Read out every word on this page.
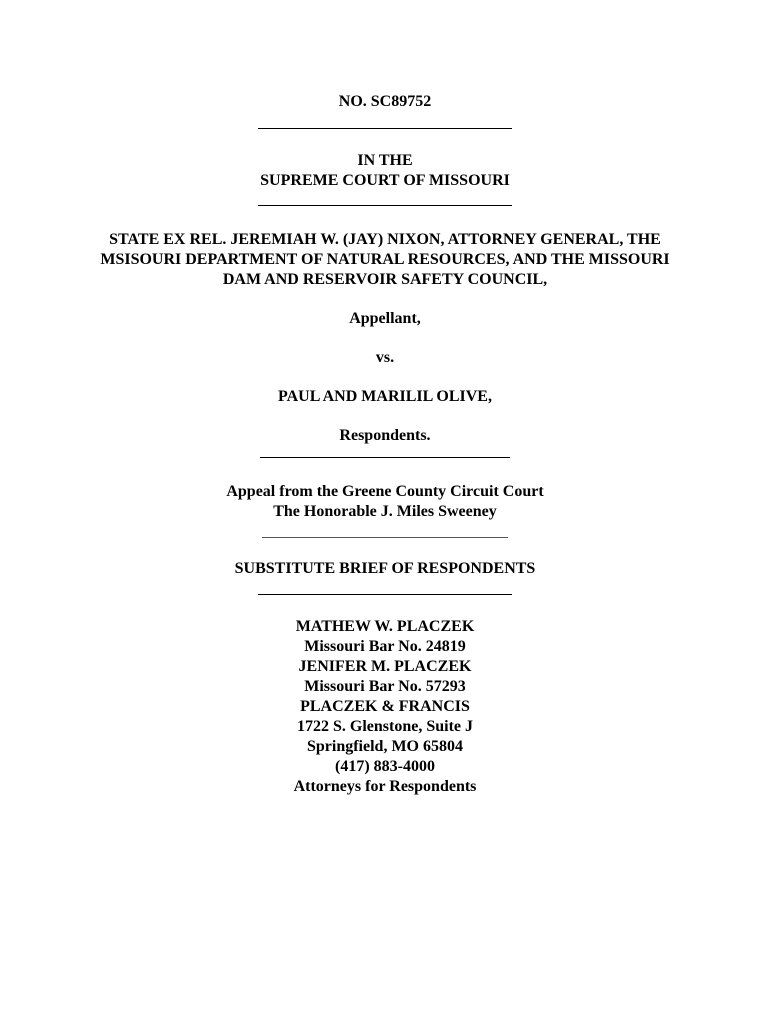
NO. SC89752
IN THE
SUPREME COURT OF MISSOURI
STATE EX REL. JEREMIAH W. (JAY) NIXON, ATTORNEY GENERAL, THE
MSISOURI DEPARTMENT OF NATURAL RESOURCES, AND THE MISSOURI
DAM AND RESERVOIR SAFETY COUNCIL,
Appellant,
vs.
PAUL AND MARILIL OLIVE,
Respondents.
Appeal from the Greene County Circuit Court
The Honorable J. Miles Sweeney
SUBSTITUTE BRIEF OF RESPONDENTS
MATHEW W. PLACZEK
Missouri Bar No. 24819
JENIFER M. PLACZEK
Missouri Bar No. 57293
PLACZEK & FRANCIS
1722 S. Glenstone, Suite J
Springfield, MO 65804
(417) 883-4000
Attorneys for Respondents
